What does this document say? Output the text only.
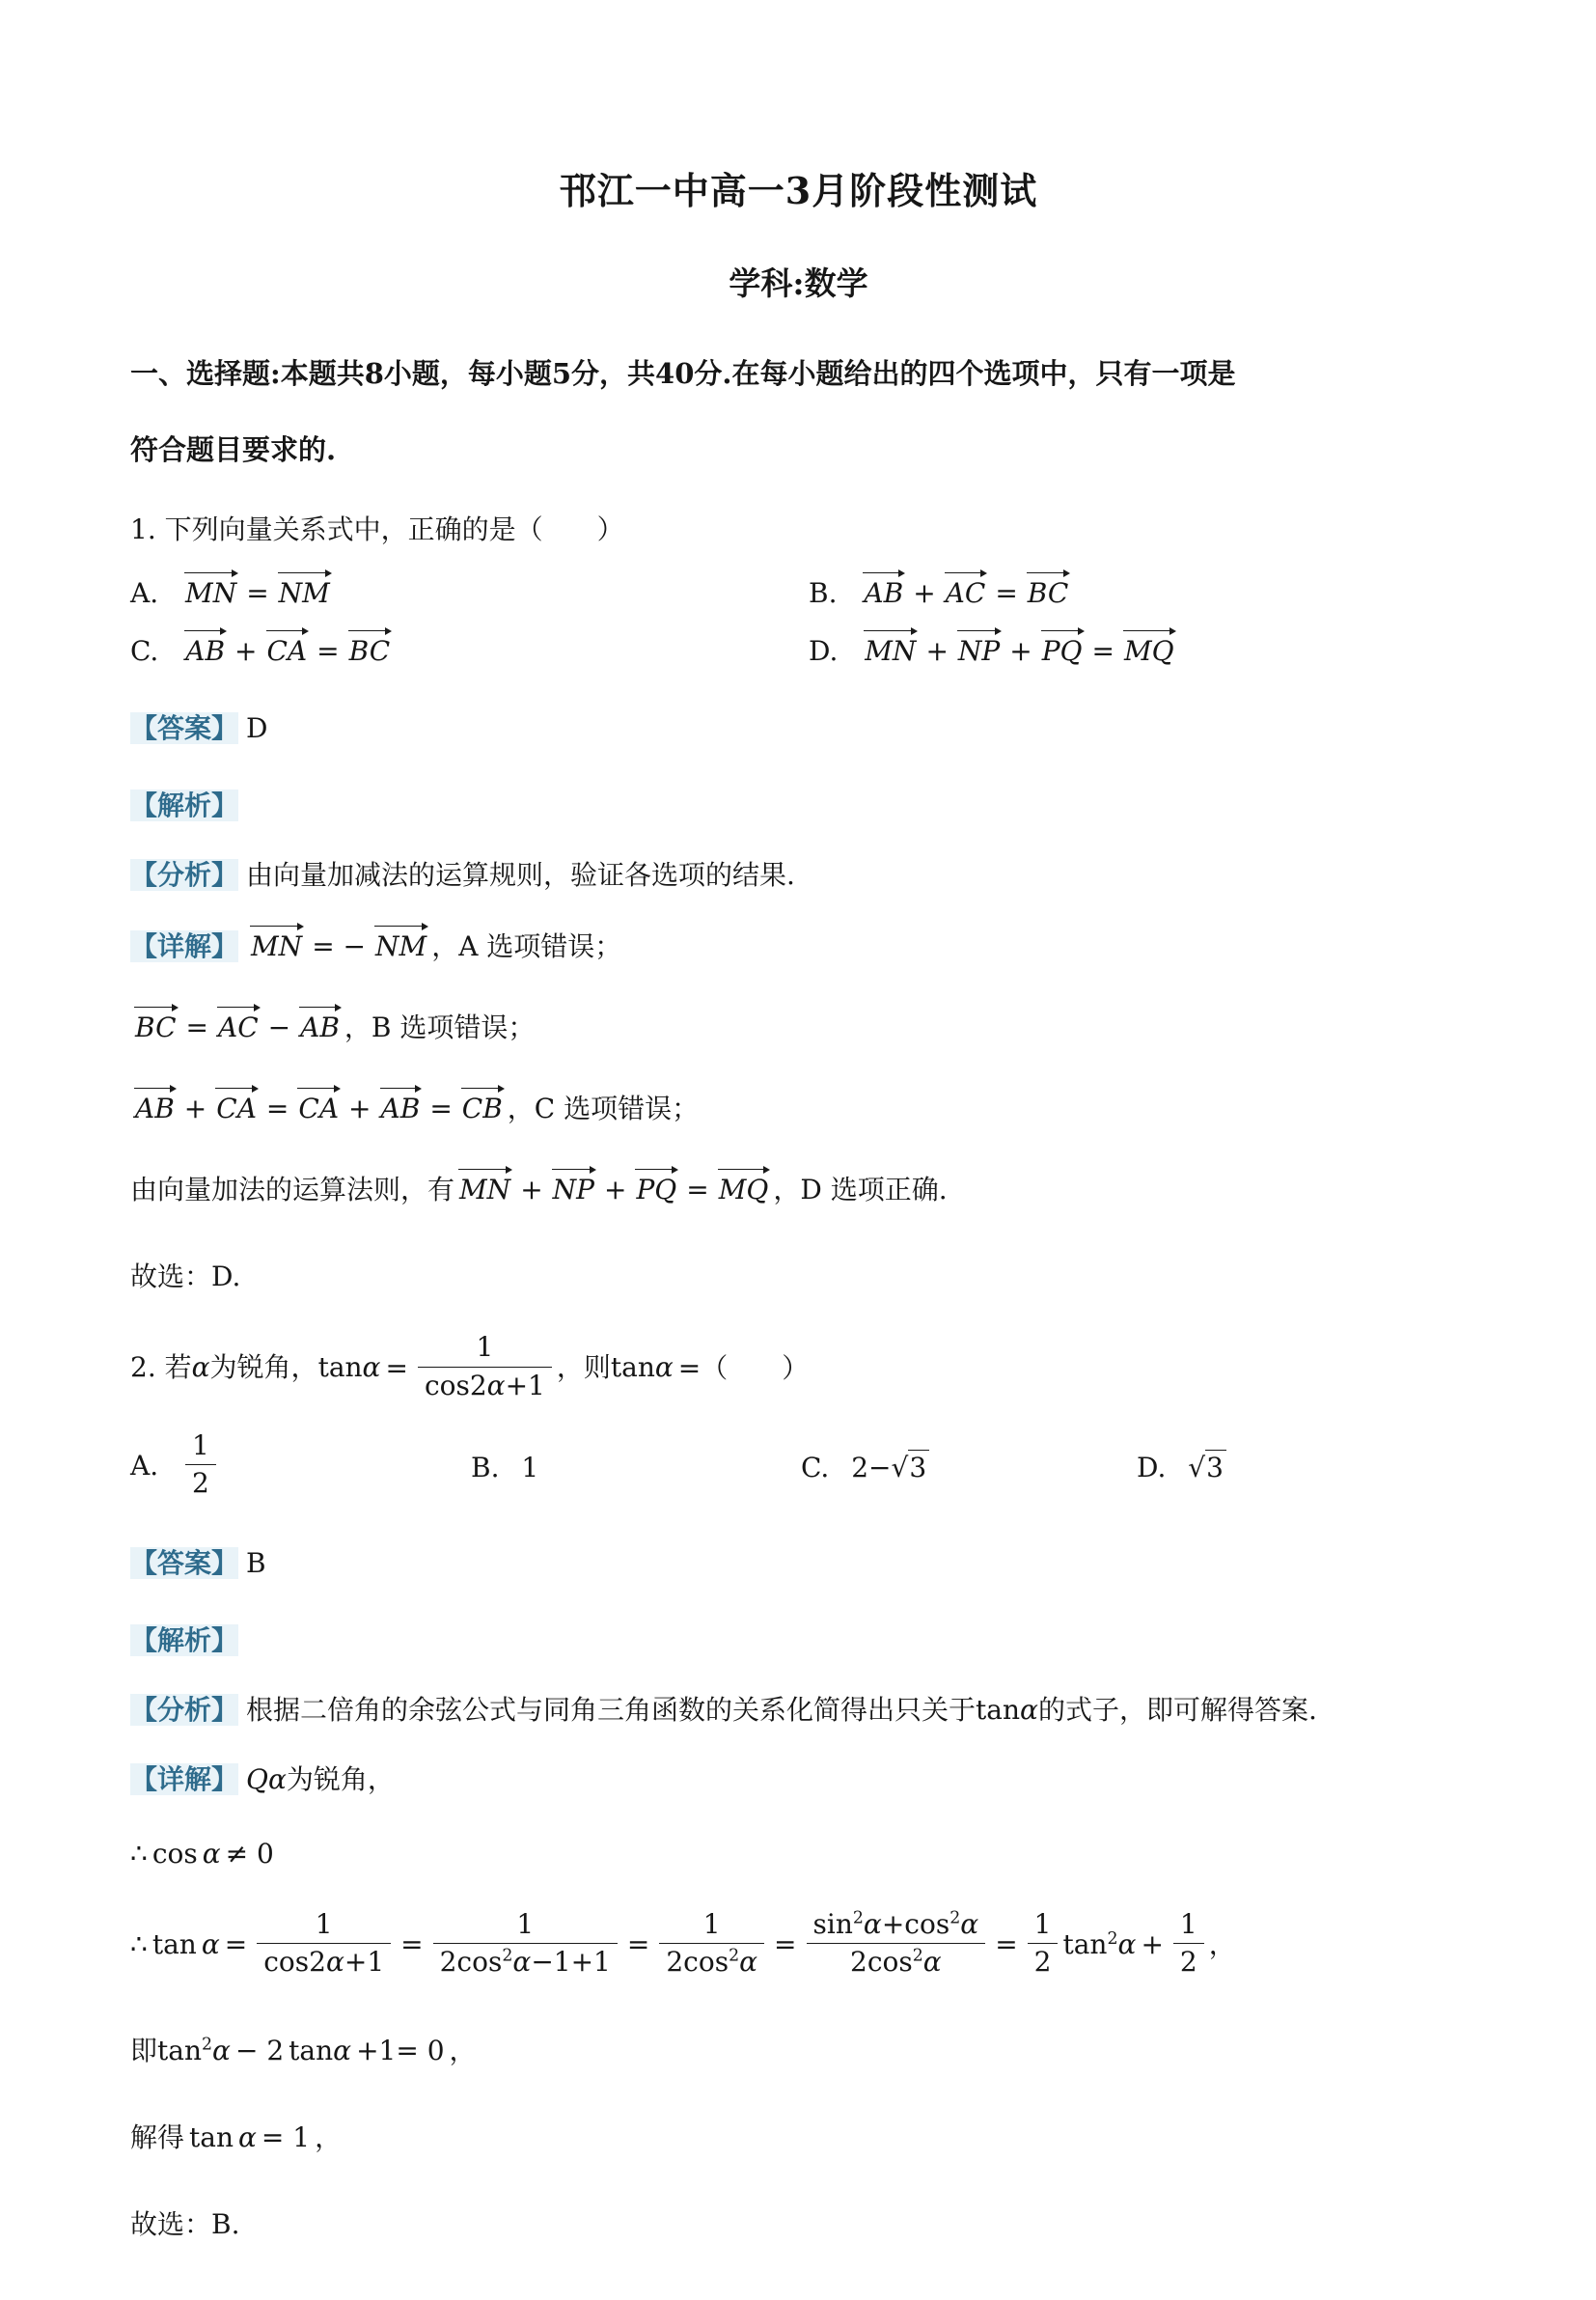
邗江一中高一3月阶段性测试
学科:数学

一、选择题:本题共8小题，每小题5分，共40分.在每小题给出的四个选项中，只有一项是

符合题目要求的.

1. 下列向量关系式中，正确的是（　　）

A. MN = NM	B. AB + AC = BC
C. AB + CA = BC	D. MN + NP + PQ = MQ

【答案】 D

【解析】

【分析】 由向量加减法的运算规则，验证各选项的结果.

【详解】 MN = − NM ，A 选项错误；

BC = AC − AB ，B 选项错误；

AB + CA = CA + AB = CB ，C 选项错误；

由向量加法的运算法则，有 MN + NP + PQ = MQ ，D 选项正确.

故选：D.

2. 若α为锐角，$\tan\alpha = \frac{1}{\cos 2\alpha+1}$ ，则tanα =（　　）

A. $\frac{1}{2}$	B. 1	C. 2−√3	D. √3

【答案】 B

【解析】

【分析】 根据二倍角的余弦公式与同角三角函数的关系化简得出只关于tanα的式子，即可解得答案.

【详解】 Qα为锐角，

∴ cos α ≠ 0

∴ $\tan \alpha = \frac{1}{\cos 2\alpha+1} = \frac{1}{2\cos^2\alpha-1+1} = \frac{1}{2\cos^2\alpha} = \frac{\sin^2\alpha+\cos^2\alpha}{2\cos^2\alpha} = \frac{1}{2} \tan^2\alpha + \frac{1}{2}$ ，

即$\tan^2\alpha - 2$ tanα +1= 0 ，

解得 tan α = 1 ，

故选：B.
